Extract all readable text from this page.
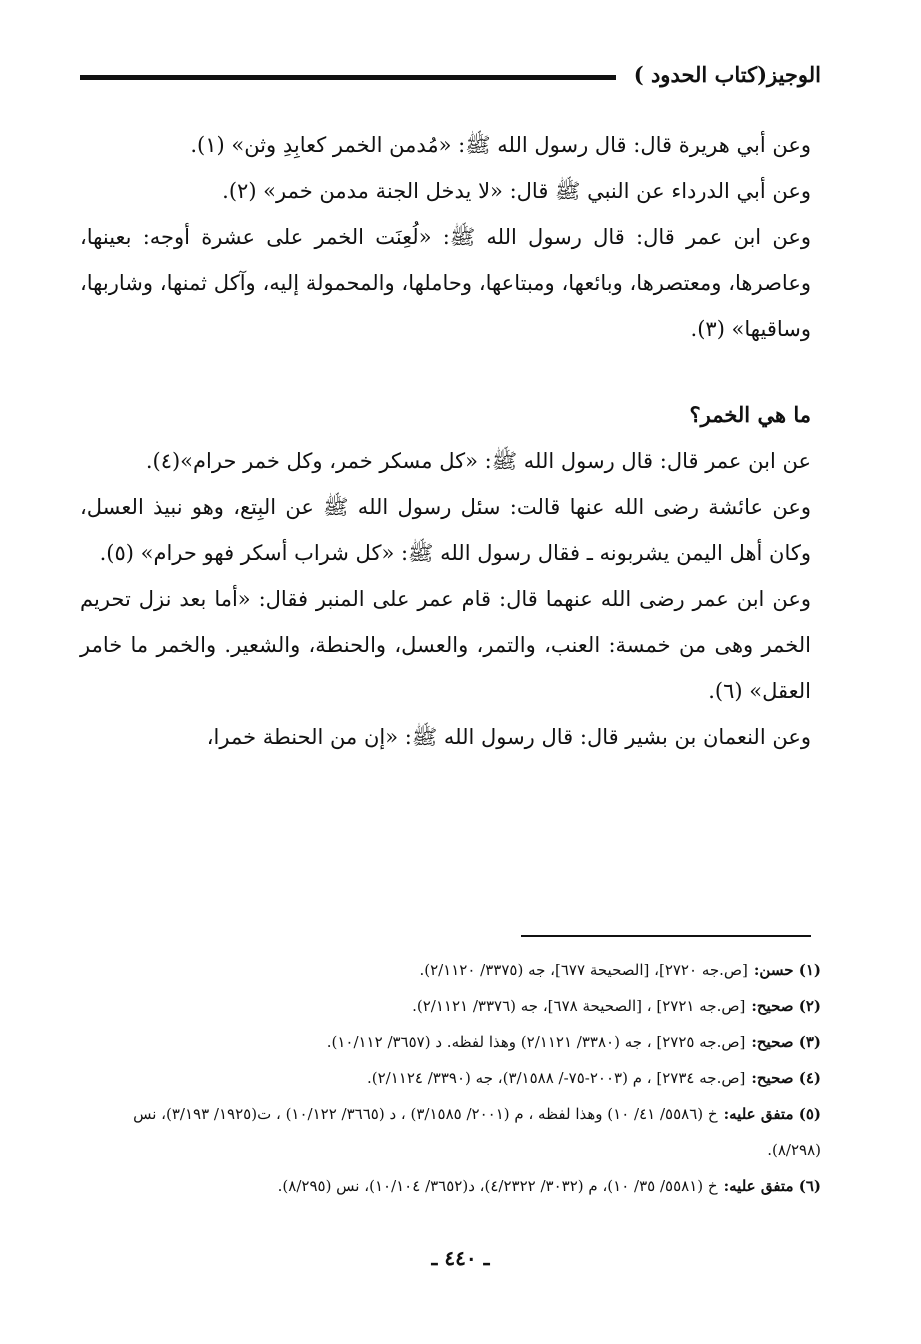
الوجيز(كتاب الحدود )

وعن أبي هريرة قال: قال رسول الله ﷺ: «مُدمن الخمر كعابِدِ وثن» (١).

وعن أبي الدرداء عن النبي ﷺ قال: «لا يدخل الجنة مدمن خمر» (٢).

وعن ابن عمر قال: قال رسول الله ﷺ: «لُعِنَت الخمر على عشرة أوجه: بعينها، وعاصرها، ومعتصرها، وبائعها، ومبتاعها، وحاملها، والمحمولة إليه، وآكل ثمنها، وشاربها، وساقيها» (٣).

ما هي الخمر؟

عن ابن عمر قال: قال رسول الله ﷺ: «كل مسكر خمر، وكل خمر حرام»(٤).

وعن عائشة رضى الله عنها قالت: سئل رسول الله ﷺ عن البِتع، وهو نبيذ العسل، وكان أهل اليمن يشربونه ـ فقال رسول الله ﷺ: «كل شراب أسكر فهو حرام» (٥).

وعن ابن عمر رضى الله عنهما قال: قام عمر على المنبر فقال: «أما بعد نزل تحريم الخمر وهى من خمسة: العنب، والتمر، والعسل، والحنطة، والشعير. والخمر ما خامر العقل» (٦).

وعن النعمان بن بشير قال: قال رسول الله ﷺ: «إن من الحنطة خمرا،

(١) حسن:[ص.جه ٢٧٢٠]، [الصحيحة ٦٧٧]، جه (٣٣٧٥/ ٢/١١٢٠).

(٢) صحيح:[ص.جه ٢٧٢١] ، [الصحيحة ٦٧٨]، جه (٣٣٧٦/ ٢/١١٢١).

(٣) صحيح:[ص.جه ٢٧٢٥] ، جه (٣٣٨٠/ ٢/١١٢١) وهذا لفظه. د (٣٦٥٧/ ١٠/١١٢).

(٤) صحيح:[ص.جه ٢٧٣٤] ، م (٢٠٠٣-٧٥-/ ٣/١٥٨٨)، جه (٣٣٩٠/ ٢/١١٢٤).

(٥) متفق عليه:خ (٥٥٨٦/ ٤١/ ١٠) وهذا لفظه ، م (٢٠٠١/ ٣/١٥٨٥) ، د (٣٦٦٥/ ١٠/١٢٢) ، ت(١٩٢٥/ ٣/١٩٣)، نس (٨/٢٩٨).

(٦) متفق عليه:خ (٥٥٨١/ ٣٥/ ١٠)، م (٣٠٣٢/ ٤/٢٣٢٢)، د(٣٦٥٢/ ١٠/١٠٤)، نس (٨/٢٩٥).

ـ ٤٤٠ ـ
